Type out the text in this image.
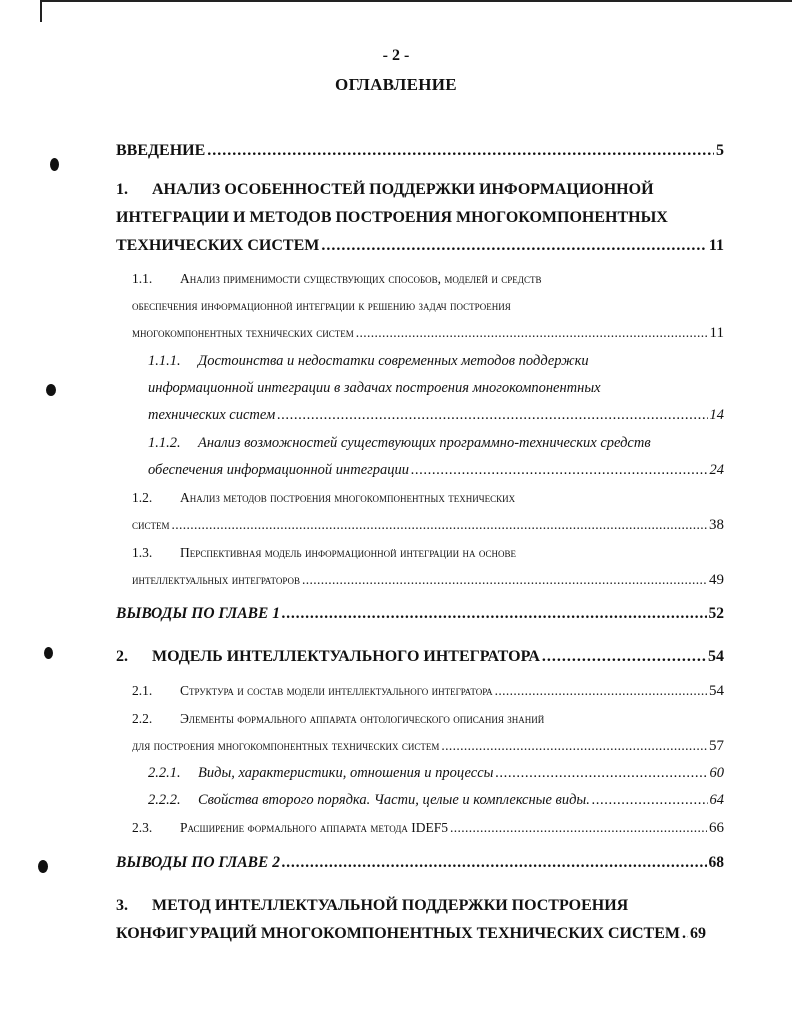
- 2 -
ОГЛАВЛЕНИЕ
ВВЕДЕНИЕ . . .	5
1. АНАЛИЗ ОСОБЕННОСТЕЙ ПОДДЕРЖКИ ИНФОРМАЦИОННОЙ
ИНТЕГРАЦИИ И МЕТОДОВ ПОСТРОЕНИЯ МНОГОКОМПОНЕНТНЫХ
ТЕХНИЧЕСКИХ СИСТЕМ . . .	11
1.1. Анализ применимости существующих способов, моделей и средств
обеспечения информационной интеграции к решению задач построения
многокомпонентных технических систем . . .	11
1.1.1. Достоинства и недостатки современных методов поддержки
информационной интеграции в задачах построения многокомпонентных
технических систем . . .	14
1.1.2. Анализ возможностей существующих программно-технических средств
обеспечения информационной интеграции . . .	24
1.2. Анализ методов построения многокомпонентных технических
систем . . .	38
1.3. Перспективная модель информационной интеграции на основе
интеллектуальных интеграторов . . .	49
ВЫВОДЫ ПО ГЛАВЕ 1 . . .	52
2. МОДЕЛЬ ИНТЕЛЛЕКТУАЛЬНОГО ИНТЕГРАТОРА . . .	54
2.1. Структура и состав модели интеллектуального интегратора . . .	54
2.2. Элементы формального аппарата онтологического описания знаний
для построения многокомпонентных технических систем . . .	57
2.2.1. Виды, характеристики, отношения и процессы . . .	60
2.2.2. Свойства второго порядка. Части, целые и комплексные виды. . . .	64
2.3. Расширение формального аппарата метода IDEF5 . . .	66
ВЫВОДЫ ПО ГЛАВЕ 2 . . .	68
3. МЕТОД ИНТЕЛЛЕКТУАЛЬНОЙ ПОДДЕРЖКИ ПОСТРОЕНИЯ
КОНФИГУРАЦИЙ МНОГОКОМПОНЕНТНЫХ ТЕХНИЧЕСКИХ СИСТЕМ . . . 69
